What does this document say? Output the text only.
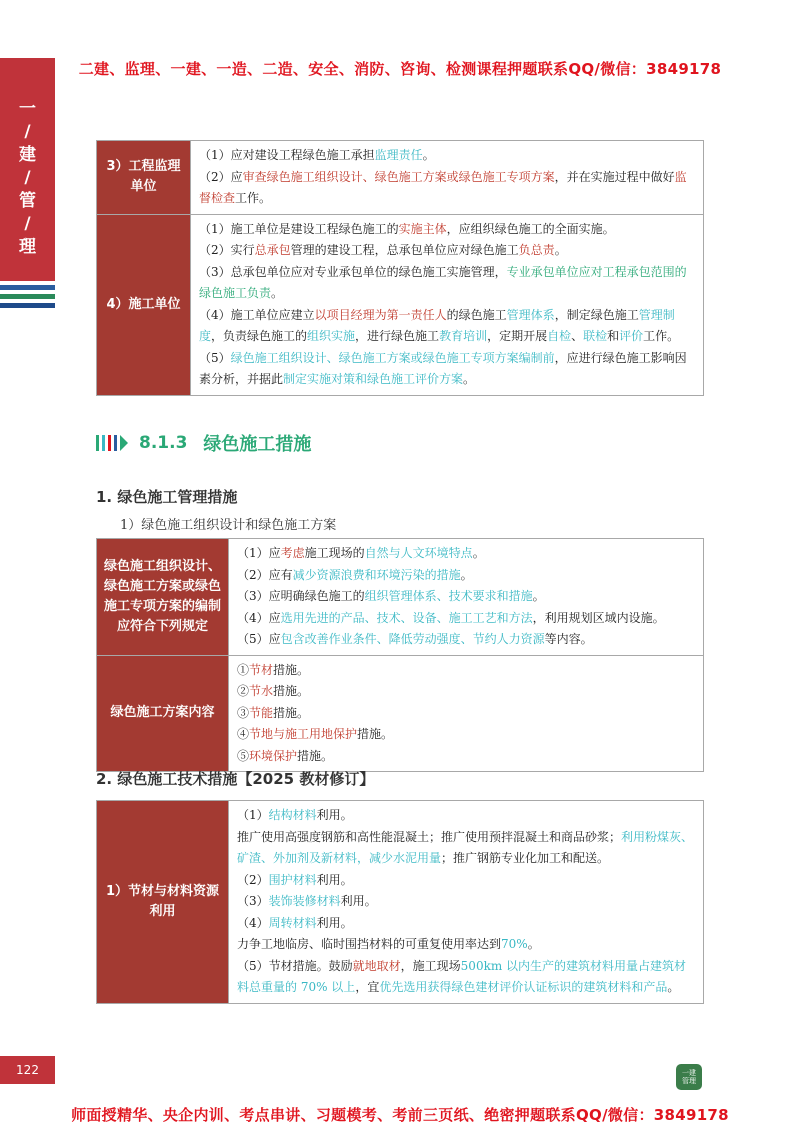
二建、监理、一建、一造、二造、安全、消防、咨询、检测课程押题联系QQ/微信：3849178
一
/
建
/
管
/
理
3）工程监理单位	（1）应对建设工程绿色施工承担监理责任。
（2）应审查绿色施工组织设计、绿色施工方案或绿色施工专项方案，并在实施过程中做好监督检查工作。

4）施工单位	（1）施工单位是建设工程绿色施工的实施主体，应组织绿色施工的全面实施。
（2）实行总承包管理的建设工程，总承包单位应对绿色施工负总责。
（3）总承包单位应对专业承包单位的绿色施工实施管理，专业承包单位应对工程承包范围的绿色施工负责。
（4）施工单位应建立以项目经理为第一责任人的绿色施工管理体系，制定绿色施工管理制度，负责绿色施工的组织实施，进行绿色施工教育培训，定期开展自检、联检和评价工作。
（5）绿色施工组织设计、绿色施工方案或绿色施工专项方案编制前，应进行绿色施工影响因素分析，并据此制定实施对策和绿色施工评价方案。
8.1.3 绿色施工措施
1. 绿色施工管理措施
1）绿色施工组织设计和绿色施工方案
绿色施工组织设计、绿色施工方案或绿色施工专项方案的编制应符合下列规定	（1）应考虑施工现场的自然与人文环境特点。
（2）应有减少资源浪费和环境污染的措施。
（3）应明确绿色施工的组织管理体系、技术要求和措施。
（4）应选用先进的产品、技术、设备、施工工艺和方法，利用规划区域内设施。
（5）应包含改善作业条件、降低劳动强度、节约人力资源等内容。

绿色施工方案内容	①节材措施。
②节水措施。
③节能措施。
④节地与施工用地保护措施。
⑤环境保护措施。
2. 绿色施工技术措施【2025 教材修订】
1）节材与材料资源利用	
（1）结构材料利用。
推广使用高强度钢筋和高性能混凝土；推广使用预拌混凝土和商品砂浆；利用粉煤灰、矿渣、外加剂及新材料，减少水泥用量；推广钢筋专业化加工和配送。
（2）围护材料利用。
（3）装饰装修材料利用。
（4）周转材料利用。
力争工地临房、临时围挡材料的可重复使用率达到70%。
（5）节材措施。鼓励就地取材，施工现场500km 以内生产的建筑材料用量占建筑材料总重量的 70% 以上，宜优先选用获得绿色建材评价认证标识的建筑材料和产品。
122	一建
管理
师面授精华、央企内训、考点串讲、习题模考、考前三页纸、绝密押题联系QQ/微信：3849178
